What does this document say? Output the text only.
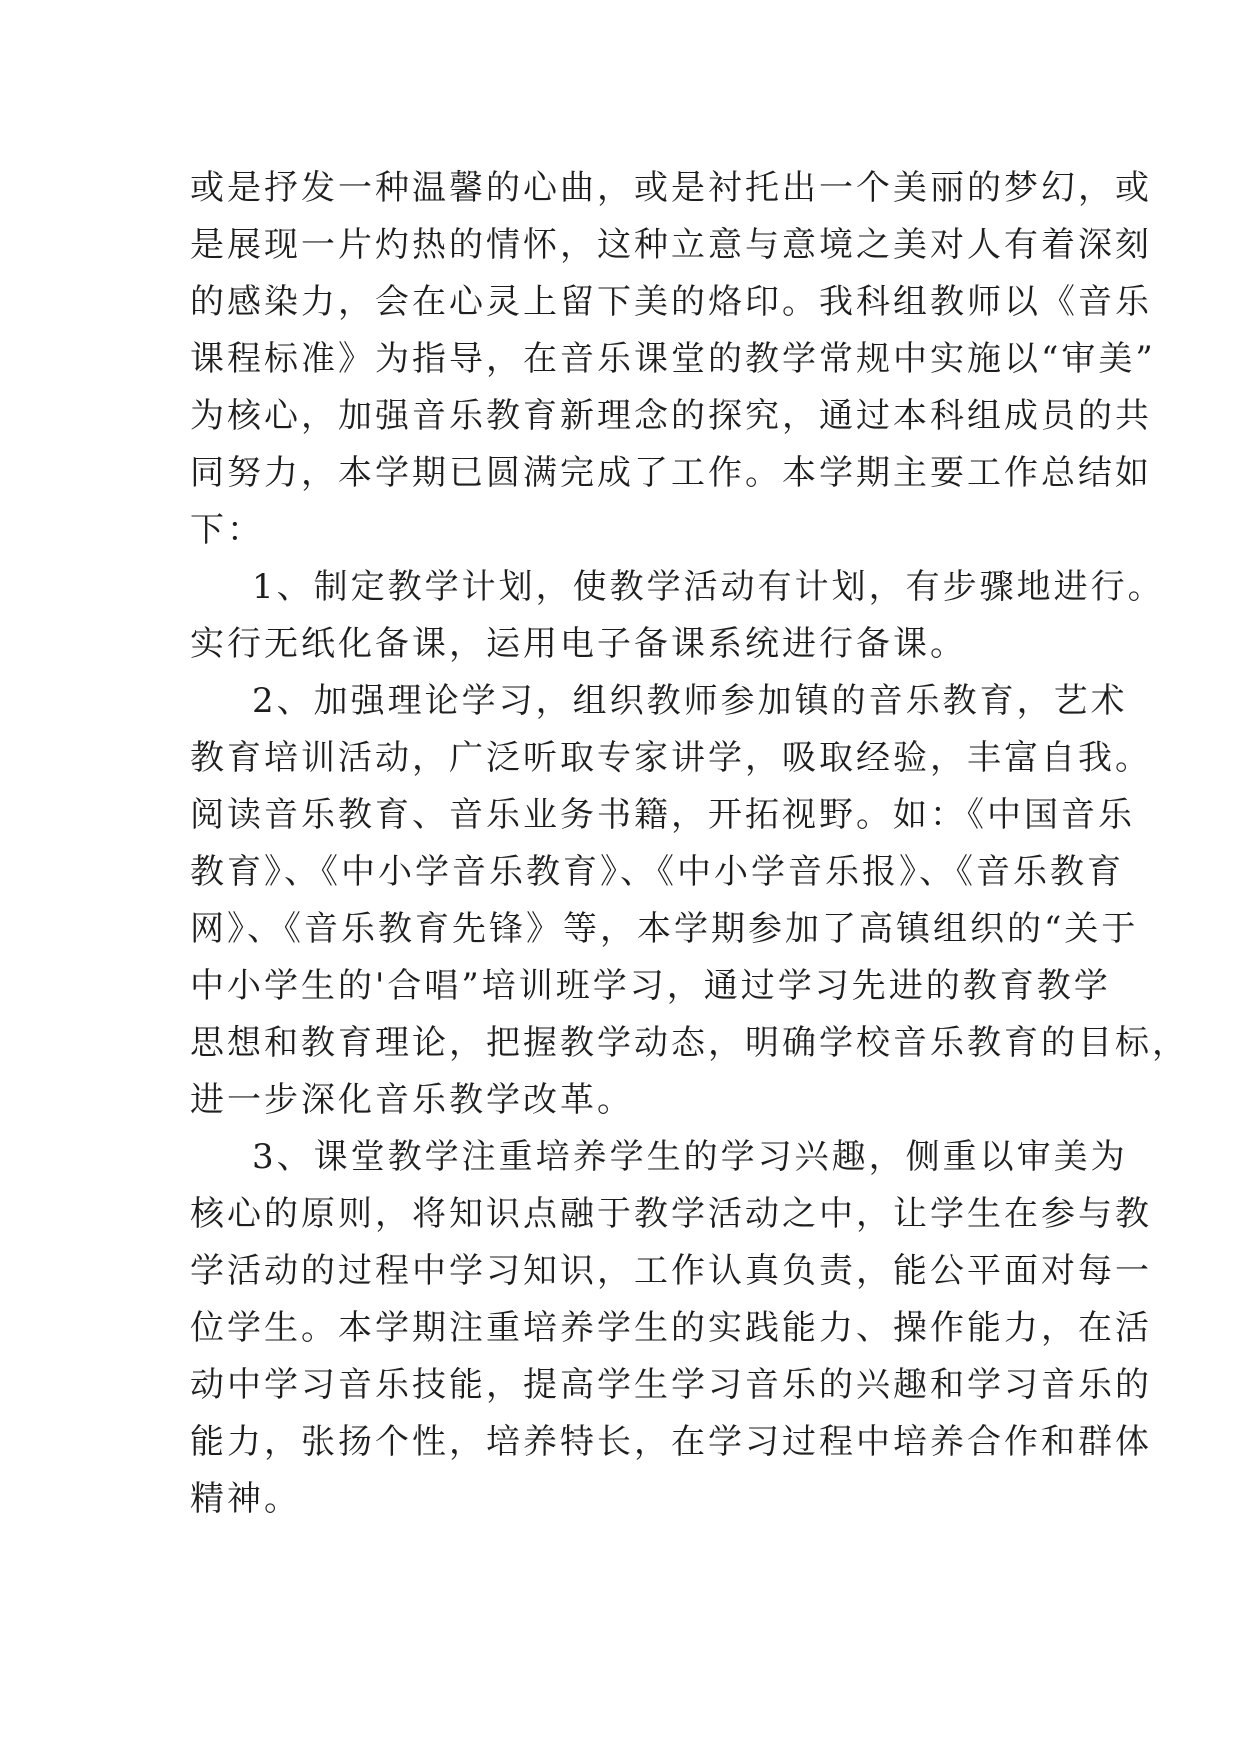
或是抒发一种温馨的心曲，或是衬托出一个美丽的梦幻，或
是展现一片灼热的情怀，这种立意与意境之美对人有着深刻
的感染力，会在心灵上留下美的烙印。我科组教师以《音乐
课程标准》为指导，在音乐课堂的教学常规中实施以“审美”
为核心，加强音乐教育新理念的探究，通过本科组成员的共
同努力，本学期已圆满完成了工作。本学期主要工作总结如
下：
1、制定教学计划，使教学活动有计划，有步骤地进行。
实行无纸化备课，运用电子备课系统进行备课。
2、加强理论学习，组织教师参加镇的音乐教育，艺术
教育培训活动，广泛听取专家讲学，吸取经验，丰富自我。
阅读音乐教育、音乐业务书籍，开拓视野。如：《中国音乐
教育》、《中小学音乐教育》、《中小学音乐报》、《音乐教育
网》、《音乐教育先锋》等，本学期参加了高镇组织的“关于
中小学生的'合唱”培训班学习，通过学习先进的教育教学
思想和教育理论，把握教学动态，明确学校音乐教育的目标，
进一步深化音乐教学改革。
3、课堂教学注重培养学生的学习兴趣，侧重以审美为
核心的原则，将知识点融于教学活动之中，让学生在参与教
学活动的过程中学习知识，工作认真负责，能公平面对每一
位学生。本学期注重培养学生的实践能力、操作能力，在活
动中学习音乐技能，提高学生学习音乐的兴趣和学习音乐的
能力，张扬个性，培养特长，在学习过程中培养合作和群体
精神。
